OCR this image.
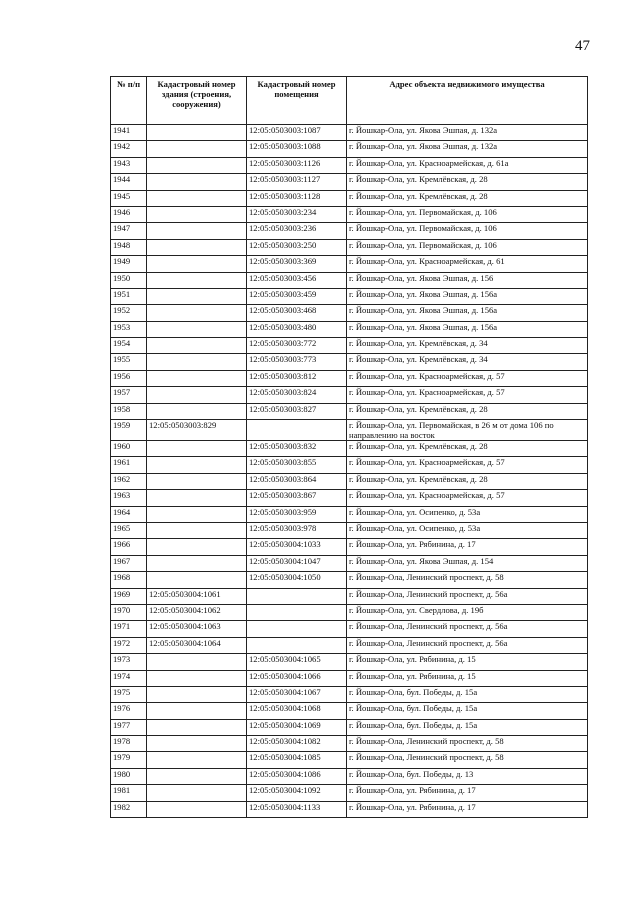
47
№ п/п	Кадастровый номер здания (строения, сооружения)	Кадастровый номер помещения	Адрес объекта недвижимого имущества
1941		12:05:0503003:1087	г. Йошкар-Ола, ул. Якова Эшпая, д. 132а
1942		12:05:0503003:1088	г. Йошкар-Ола, ул. Якова Эшпая, д. 132а
1943		12:05:0503003:1126	г. Йошкар-Ола, ул. Красноармейская, д. 61а
1944		12:05:0503003:1127	г. Йошкар-Ола, ул. Кремлёвская, д. 28
1945		12:05:0503003:1128	г. Йошкар-Ола, ул. Кремлёвская, д. 28
1946		12:05:0503003:234	г. Йошкар-Ола, ул. Первомайская, д. 106
1947		12:05:0503003:236	г. Йошкар-Ола, ул. Первомайская, д. 106
1948		12:05:0503003:250	г. Йошкар-Ола, ул. Первомайская, д. 106
1949		12:05:0503003:369	г. Йошкар-Ола, ул. Красноармейская, д. 61
1950		12:05:0503003:456	г. Йошкар-Ола, ул. Якова Эшпая, д. 156
1951		12:05:0503003:459	г. Йошкар-Ола, ул. Якова Эшпая, д. 156а
1952		12:05:0503003:468	г. Йошкар-Ола, ул. Якова Эшпая, д. 156а
1953		12:05:0503003:480	г. Йошкар-Ола, ул. Якова Эшпая, д. 156а
1954		12:05:0503003:772	г. Йошкар-Ола, ул. Кремлёвская, д. 34
1955		12:05:0503003:773	г. Йошкар-Ола, ул. Кремлёвская, д. 34
1956		12:05:0503003:812	г. Йошкар-Ола, ул. Красноармейская, д. 57
1957		12:05:0503003:824	г. Йошкар-Ола, ул. Красноармейская, д. 57
1958		12:05:0503003:827	г. Йошкар-Ола, ул. Кремлёвская, д. 28
1959	12:05:0503003:829		г. Йошкар-Ола, ул. Первомайская, в 26 м от дома 106 по направлению на восток
1960		12:05:0503003:832	г. Йошкар-Ола, ул. Кремлёвская, д. 28
1961		12:05:0503003:855	г. Йошкар-Ола, ул. Красноармейская, д. 57
1962		12:05:0503003:864	г. Йошкар-Ола, ул. Кремлёвская, д. 28
1963		12:05:0503003:867	г. Йошкар-Ола, ул. Красноармейская, д. 57
1964		12:05:0503003:959	г. Йошкар-Ола, ул. Осипенко, д. 53а
1965		12:05:0503003:978	г. Йошкар-Ола, ул. Осипенко, д. 53а
1966		12:05:0503004:1033	г. Йошкар-Ола, ул. Рябинина, д. 17
1967		12:05:0503004:1047	г. Йошкар-Ола, ул. Якова Эшпая, д. 154
1968		12:05:0503004:1050	г. Йошкар-Ола, Ленинский проспект, д. 58
1969	12:05:0503004:1061		г. Йошкар-Ола, Ленинский проспект, д. 56а
1970	12:05:0503004:1062		г. Йошкар-Ола, ул. Свердлова, д. 19б
1971	12:05:0503004:1063		г. Йошкар-Ола, Ленинский проспект, д. 56а
1972	12:05:0503004:1064		г. Йошкар-Ола, Ленинский проспект, д. 56а
1973		12:05:0503004:1065	г. Йошкар-Ола, ул. Рябинина, д. 15
1974		12:05:0503004:1066	г. Йошкар-Ола, ул. Рябинина, д. 15
1975		12:05:0503004:1067	г. Йошкар-Ола, бул. Победы, д. 15а
1976		12:05:0503004:1068	г. Йошкар-Ола, бул. Победы, д. 15а
1977		12:05:0503004:1069	г. Йошкар-Ола, бул. Победы, д. 15а
1978		12:05:0503004:1082	г. Йошкар-Ола, Ленинский проспект, д. 58
1979		12:05:0503004:1085	г. Йошкар-Ола, Ленинский проспект, д. 58
1980		12:05:0503004:1086	г. Йошкар-Ола, бул. Победы, д. 13
1981		12:05:0503004:1092	г. Йошкар-Ола, ул. Рябинина, д. 17
1982		12:05:0503004:1133	г. Йошкар-Ола, ул. Рябинина, д. 17
